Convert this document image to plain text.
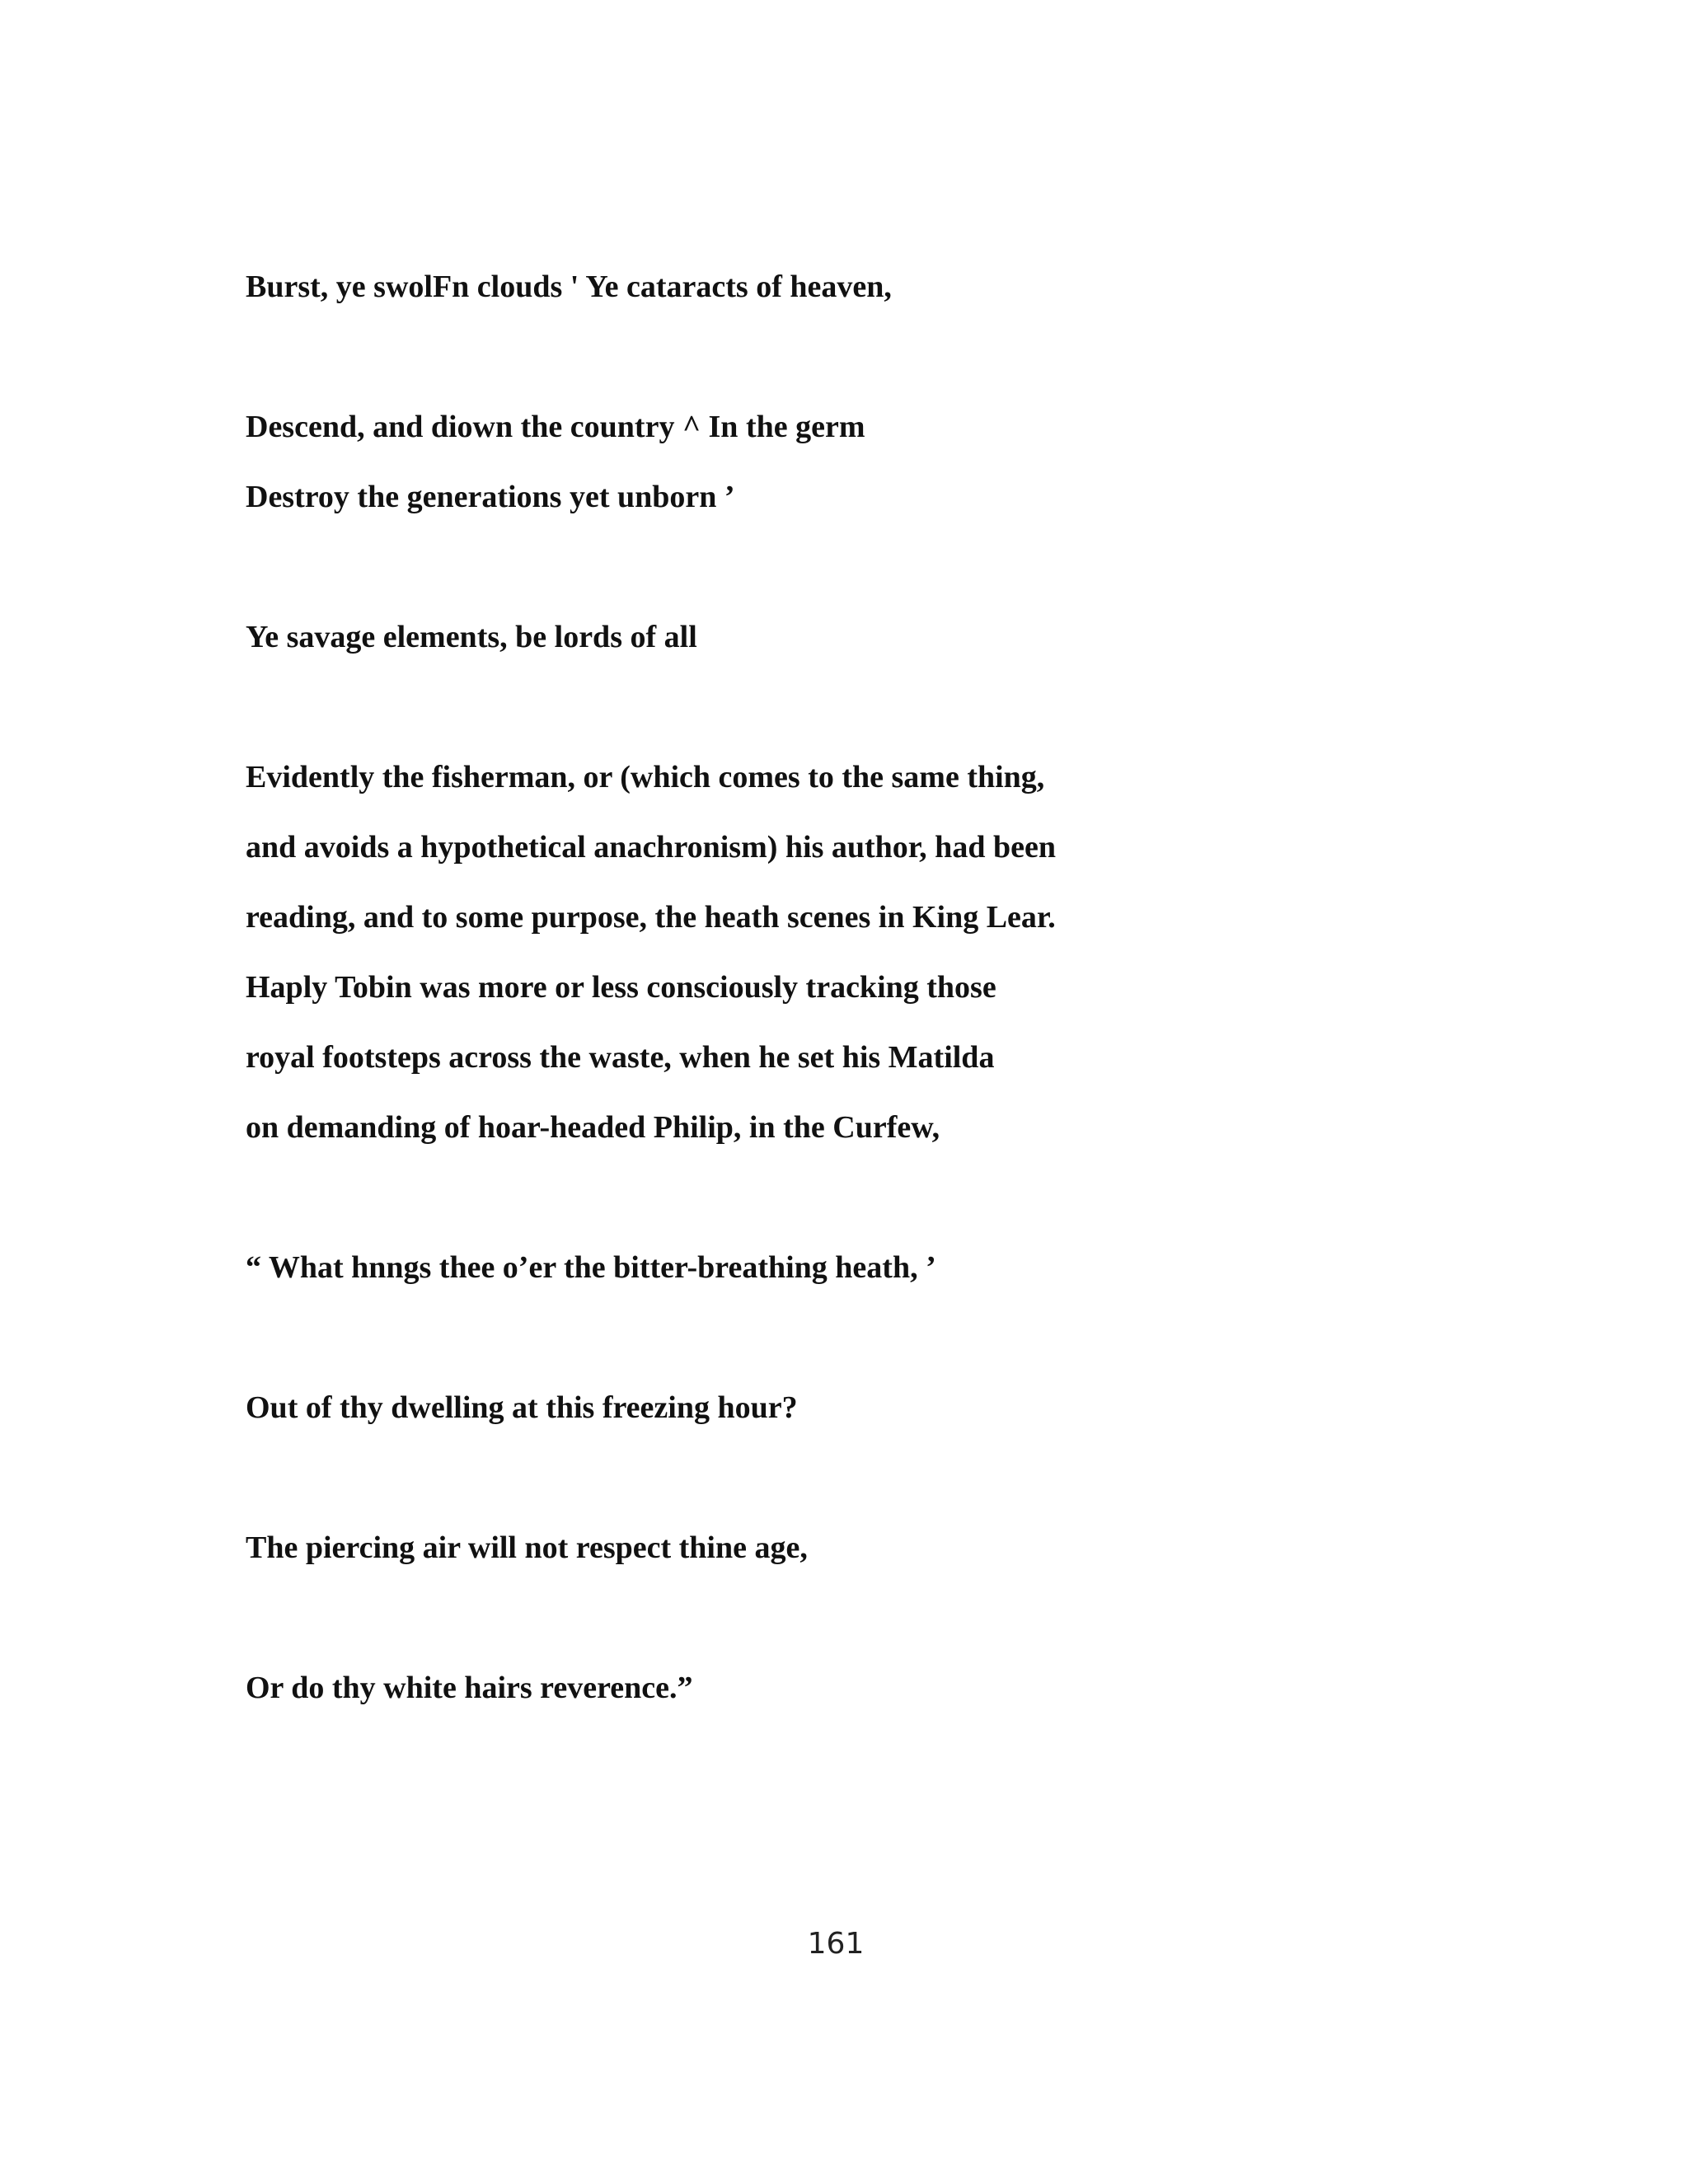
Burst, ye swolFn clouds ' Ye cataracts of heaven,

Descend, and diown the country ^ In the germ

Destroy the generations yet unborn ’

Ye savage elements, be lords of all

Evidently the fisherman, or (which comes to the same thing,

and avoids a hypothetical anachronism) his author, had been

reading, and to some purpose, the heath scenes in King Lear.

Haply Tobin was more or less consciously tracking those

royal footsteps across the waste, when he set his Matilda

on demanding of hoar-headed Philip, in the Curfew,

“ What hnngs thee o’er the bitter-breathing heath, ’

Out of thy dwelling at this freezing hour?

The piercing air will not respect thine age,

Or do thy white hairs reverence.”

161
